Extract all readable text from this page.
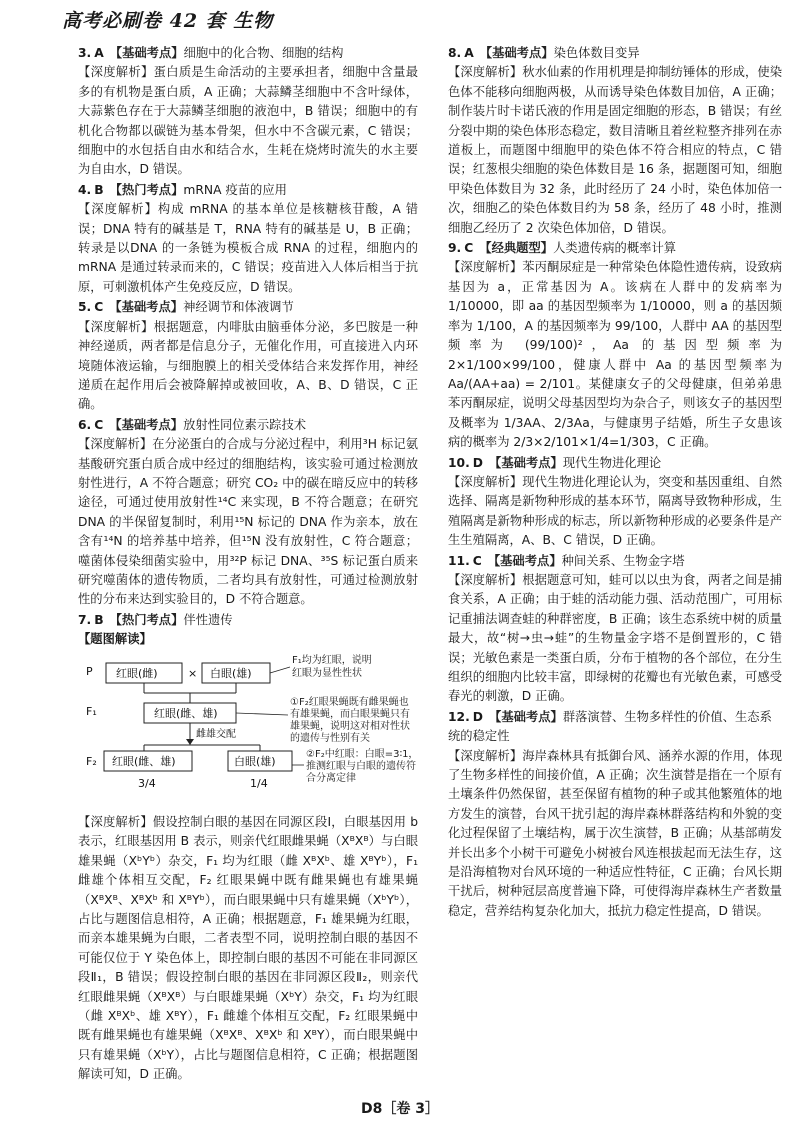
高考必刷卷 42 套 生物
3. A 【基础考点】细胞中的化合物、细胞的结构
【深度解析】蛋白质是生命活动的主要承担者，细胞中含量最多的有机物是蛋白质，A 正确；大蒜鳞茎细胞中不含叶绿体，大蒜紫色存在于大蒜鳞茎细胞的液泡中，B 错误；细胞中的有机化合物都以碳链为基本骨架，但水中不含碳元素，C 错误；细胞中的水包括自由水和结合水，生耗在烧烤时流失的水主要为自由水，D 错误。
4. B 【热门考点】mRNA 疫苗的应用
【深度解析】构成 mRNA 的基本单位是核糖核苷酸，A 错误；DNA 特有的碱基是 T，RNA 特有的碱基是 U，B 正确；转录是以DNA 的一条链为模板合成 RNA 的过程，细胞内的 mRNA 是通过转录而来的，C 错误；疫苗进入人体后相当于抗原，可刺激机体产生免疫反应，D 错误。
5. C 【基础考点】神经调节和体液调节
【深度解析】根据题意，内啡肽由脑垂体分泌，多巴胺是一种神经递质，两者都是信息分子，无催化作用，可直接进入内环境随体液运输，与细胞膜上的相关受体结合来发挥作用，神经递质在起作用后会被降解掉或被回收，A、B、D 错误，C 正确。
6. C 【基础考点】放射性同位素示踪技术
【深度解析】在分泌蛋白的合成与分泌过程中，利用³H 标记氨基酸研究蛋白质合成中经过的细胞结构，该实验可通过检测放射性进行，A 不符合题意；研究 CO₂ 中的碳在暗反应中的转移途径，可通过使用放射性¹⁴C 来实现，B 不符合题意；在研究DNA 的半保留复制时，利用¹⁵N 标记的 DNA 作为亲本，放在含有¹⁴N 的培养基中培养，但¹⁵N 没有放射性，C 符合题意；噬菌体侵染细菌实验中，用³²P 标记 DNA、³⁵S 标记蛋白质来研究噬菌体的遗传物质，二者均具有放射性，可通过检测放射性的分布来达到实验目的，D 不符合题意。
7. B 【热门考点】伴性遗传
【题图解读】
P 红眼(雌)	× 白眼(雄)
F₁	红眼(雌、雄)
雌雄交配
F₂ 红眼(雌、雄)	白眼(雄)
3/4	1/4
F₁均为红眼，说明
红眼为显性性状
①F₂红眼果蝇既有雌果蝇也
有雄果蝇，而白眼果蝇只有
雄果蝇，说明这对相对性状
的遗传与性别有关
②F₂中红眼：白眼=3∶1，
推测红眼与白眼的遗传符
合分离定律
【深度解析】假设控制白眼的基因在同源区段Ⅰ，白眼基因用 b 表示，红眼基因用 B 表示，则亲代红眼雌果蝇（XᴮXᴮ）与白眼雄果蝇（XᵇYᵇ）杂交，F₁ 均为红眼（雌 XᴮXᵇ、雄 XᴮYᵇ），F₁ 雌雄个体相互交配，F₂ 红眼果蝇中既有雌果蝇也有雄果蝇（XᴮXᴮ、XᴮXᵇ 和 XᴮYᵇ），而白眼果蝇中只有雄果蝇（XᵇYᵇ），占比与题图信息相符，A 正确；根据题意，F₁ 雄果蝇为红眼，而亲本雄果蝇为白眼，二者表型不同，说明控制白眼的基因不可能仅位于 Y 染色体上，即控制白眼的基因不可能在非同源区段Ⅱ₁，B 错误；假设控制白眼的基因在非同源区段Ⅱ₂，则亲代红眼雌果蝇（XᴮXᴮ）与白眼雄果蝇（XᵇY）杂交，F₁ 均为红眼（雌 XᴮXᵇ、雄 XᴮY），F₁ 雌雄个体相互交配，F₂ 红眼果蝇中既有雌果蝇也有雄果蝇（XᴮXᴮ、XᴮXᵇ 和 XᴮY），而白眼果蝇中只有雄果蝇（XᵇY），占比与题图信息相符，C 正确；根据题图解读可知，D 正确。
8. A 【基础考点】染色体数目变异
【深度解析】秋水仙素的作用机理是抑制纺锤体的形成，使染色体不能移向细胞两极，从而诱导染色体数目加倍，A 正确；制作装片时卡诺氏液的作用是固定细胞的形态，B 错误；有丝分裂中期的染色体形态稳定，数目清晰且着丝粒整齐排列在赤道板上，而题图中细胞甲的染色体不符合相应的特点，C 错误；红葱根尖细胞的染色体数目是 16 条，据题图可知，细胞甲染色体数目为 32 条，此时经历了 24 小时，染色体加倍一次，细胞乙的染色体数目约为 58 条，经历了 48 小时，推测细胞乙经历了 2 次染色体加倍，D 错误。
9. C 【经典题型】人类遗传病的概率计算
【深度解析】苯丙酮尿症是一种常染色体隐性遗传病，设致病基因为 a，正常基因为 A。该病在人群中的发病率为 1/10000，即 aa 的基因型频率为 1/10000，则 a 的基因频率为 1/100，A 的基因频率为 99/100，人群中 AA 的基因型频率为 (99/100)²，Aa 的基因型频率为 2×1/100×99/100，健康人群中 Aa 的基因型频率为 Aa/(AA+aa) = 2/101。某健康女子的父母健康，但弟弟患苯丙酮尿症，说明父母基因型均为杂合子，则该女子的基因型及概率为 1/3AA、2/3Aa，与健康男子结婚，所生子女患该病的概率为 2/3×2/101×1/4=1/303，C 正确。
10. D 【基础考点】现代生物进化理论
【深度解析】现代生物进化理论认为，突变和基因重组、自然选择、隔离是新物种形成的基本环节，隔离导致物种形成，生殖隔离是新物种形成的标志，所以新物种形成的必要条件是产生生殖隔离，A、B、C 错误，D 正确。
11. C 【基础考点】种间关系、生物金字塔
【深度解析】根据题意可知，蛙可以以虫为食，两者之间是捕食关系，A 正确；由于蛙的活动能力强、活动范围广，可用标记重捕法调查蛙的种群密度，B 正确；该生态系统中树的质量最大，故“树→虫→蛙”的生物量金字塔不是倒置形的，C 错误；光敏色素是一类蛋白质，分布于植物的各个部位，在分生组织的细胞内比较丰富，即绿树的花瓣也有光敏色素，可感受春光的刺激，D 正确。
12. D 【基础考点】群落演替、生物多样性的价值、生态系统的稳定性
【深度解析】海岸森林具有抵御台风、涵养水源的作用，体现了生物多样性的间接价值，A 正确；次生演替是指在一个原有土壤条件仍然保留，甚至保留有植物的种子或其他繁殖体的地方发生的演替，台风干扰引起的海岸森林群落结构和外貌的变化过程保留了土壤结构，属于次生演替，B 正确；从基部萌发并长出多个小树干可避免小树被台风连根拔起而无法生存，这是沿海植物对台风环境的一种适应性特征，C 正确；台风长期干扰后，树种冠层高度普遍下降，可使得海岸森林生产者数量稳定，营养结构复杂化加大，抵抗力稳定性提高，D 错误。
D8［卷 3］
